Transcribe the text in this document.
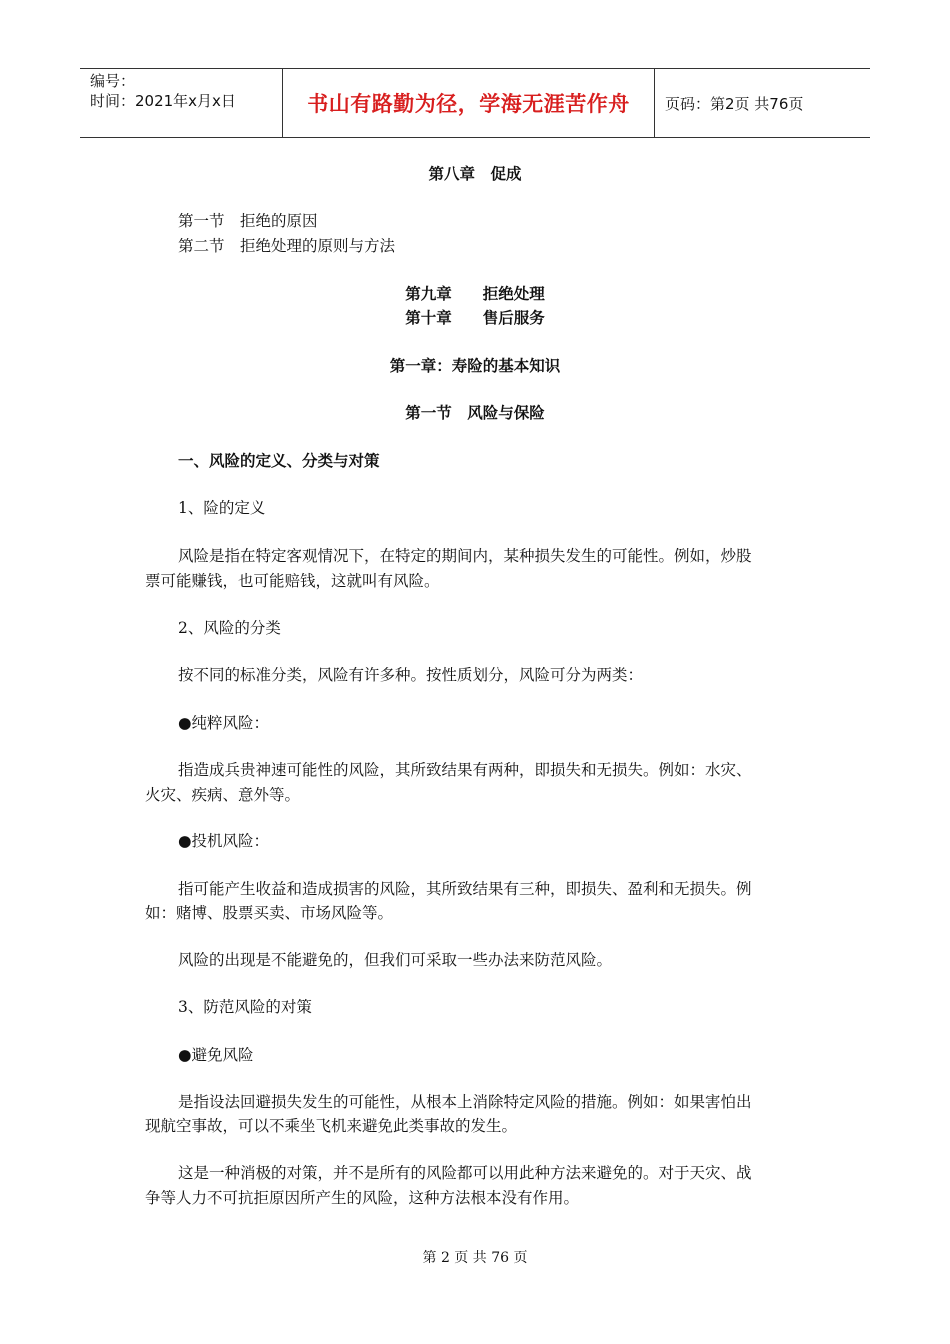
编号：
时间：2021年x月x日	书山有路勤为径，学海无涯苦作舟 页码：第2页 共76页
第八章　促成
第一节　拒绝的原因
第二节　拒绝处理的原则与方法
第九章　　拒绝处理
第十章　　售后服务
第一章：寿险的基本知识
第一节　风险与保险
一、风险的定义、分类与对策
1、险的定义
风险是指在特定客观情况下，在特定的期间内，某种损失发生的可能性。例如，炒股
票可能赚钱，也可能赔钱，这就叫有风险。
2、风险的分类
按不同的标准分类，风险有许多种。按性质划分，风险可分为两类：
●纯粹风险：
指造成兵贵神速可能性的风险，其所致结果有两种，即损失和无损失。例如：水灾、
火灾、疾病、意外等。
●投机风险：
指可能产生收益和造成损害的风险，其所致结果有三种，即损失、盈利和无损失。例
如：赌博、股票买卖、市场风险等。
风险的出现是不能避免的，但我们可采取一些办法来防范风险。
3、防范风险的对策
●避免风险
是指设法回避损失发生的可能性，从根本上消除特定风险的措施。例如：如果害怕出
现航空事故，可以不乘坐飞机来避免此类事故的发生。
这是一种消极的对策，并不是所有的风险都可以用此种方法来避免的。对于天灾、战
争等人力不可抗拒原因所产生的风险，这种方法根本没有作用。
第 2 页 共 76 页
